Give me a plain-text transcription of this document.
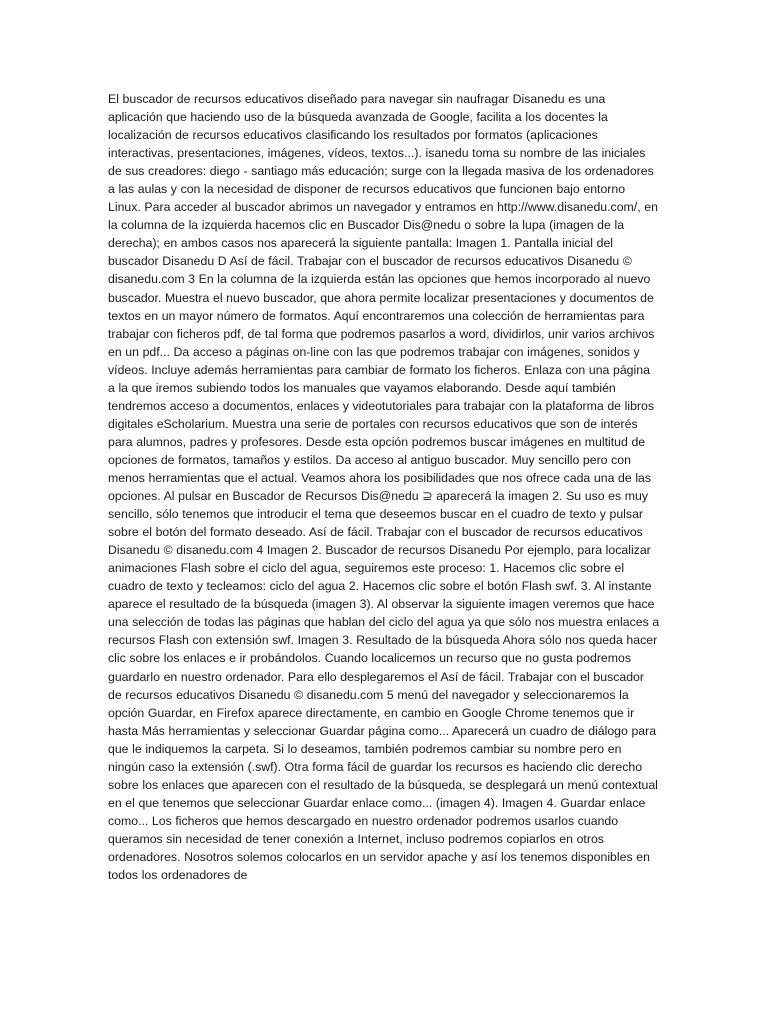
El buscador de recursos educativos diseñado para navegar sin naufragar Disanedu es una aplicación que haciendo uso de la búsqueda avanzada de Google, facilita a los docentes la localización de recursos educativos clasificando los resultados por formatos (aplicaciones interactivas, presentaciones, imágenes, vídeos, textos...). isanedu toma su nombre de las iniciales de sus creadores: diego - santiago más educación; surge con la llegada masiva de los ordenadores a las aulas y con la necesidad de disponer de recursos educativos que funcionen bajo entorno Linux. Para acceder al buscador abrimos un navegador y entramos en http://www.disanedu.com/, en la columna de la izquierda hacemos clic en Buscador Dis@nedu o sobre la lupa (imagen de la derecha); en ambos casos nos aparecerá la siguiente pantalla: Imagen 1. Pantalla inicial del buscador Disanedu D Así de fácil. Trabajar con el buscador de recursos educativos Disanedu © disanedu.com 3 En la columna de la izquierda están las opciones que hemos incorporado al nuevo buscador. Muestra el nuevo buscador, que ahora permite localizar presentaciones y documentos de textos en un mayor número de formatos. Aquí encontraremos una colección de herramientas para trabajar con ficheros pdf, de tal forma que podremos pasarlos a word, dividirlos, unir varios archivos en un pdf... Da acceso a páginas on-line con las que podremos trabajar con imágenes, sonidos y vídeos. Incluye además herramientas para cambiar de formato los ficheros. Enlaza con una página a la que iremos subiendo todos los manuales que vayamos elaborando. Desde aquí también tendremos acceso a documentos, enlaces y videotutoriales para trabajar con la plataforma de libros digitales eScholarium. Muestra una serie de portales con recursos educativos que son de interés para alumnos, padres y profesores. Desde esta opción podremos buscar imágenes en multitud de opciones de formatos, tamaños y estilos. Da acceso al antiguo buscador. Muy sencillo pero con menos herramientas que el actual. Veamos ahora los posibilidades que nos ofrece cada una de las opciones. Al pulsar en Buscador de Recursos Dis@nedu ⊇ aparecerá la imagen 2. Su uso es muy sencillo, sólo tenemos que introducir el tema que deseemos buscar en el cuadro de texto y pulsar sobre el botón del formato deseado. Así de fácil. Trabajar con el buscador de recursos educativos Disanedu © disanedu.com 4 Imagen 2. Buscador de recursos Disanedu Por ejemplo, para localizar animaciones Flash sobre el ciclo del agua, seguiremos este proceso: 1. Hacemos clic sobre el cuadro de texto y tecleamos: ciclo del agua 2. Hacemos clic sobre el botón Flash swf. 3. Al instante aparece el resultado de la búsqueda (imagen 3). Al observar la siguiente imagen veremos que hace una selección de todas las páginas que hablan del ciclo del agua ya que sólo nos muestra enlaces a recursos Flash con extensión swf. Imagen 3. Resultado de la búsqueda Ahora sólo nos queda hacer clic sobre los enlaces e ir probándolos. Cuando localicemos un recurso que no gusta podremos guardarlo en nuestro ordenador. Para ello desplegaremos el Así de fácil. Trabajar con el buscador de recursos educativos Disanedu © disanedu.com 5 menú del navegador y seleccionaremos la opción Guardar, en Firefox aparece directamente, en cambio en Google Chrome tenemos que ir hasta Más herramientas y seleccionar Guardar página como... Aparecerá un cuadro de diálogo para que le indiquemos la carpeta. Si lo deseamos, también podremos cambiar su nombre pero en ningún caso la extensión (.swf). Otra forma fácil de guardar los recursos es haciendo clic derecho sobre los enlaces que aparecen con el resultado de la búsqueda, se desplegará un menú contextual en el que tenemos que seleccionar Guardar enlace como... (imagen 4). Imagen 4. Guardar enlace como... Los ficheros que hemos descargado en nuestro ordenador podremos usarlos cuando queramos sin necesidad de tener conexión a Internet, incluso podremos copiarlos en otros ordenadores. Nosotros solemos colocarlos en un servidor apache y así los tenemos disponibles en todos los ordenadores de
